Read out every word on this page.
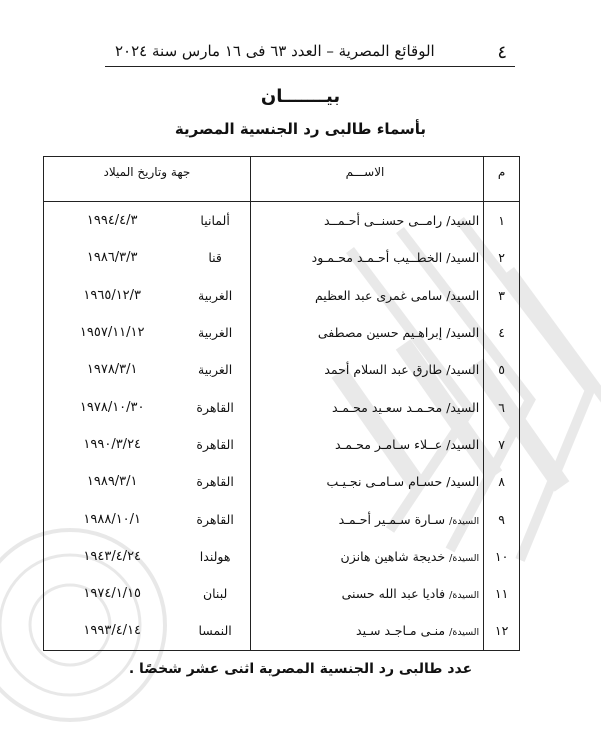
الوقائع المصرية – العدد ٦٣ فى ١٦ مارس سنة ٢٠٢٤	٤
بيـــــــان
بأسماء طالبى رد الجنسية المصرية
م	الاســـم	جهة وتاريخ الميلاد	
١	السيد/رامــى حسنــى أحـمــد	ألمانيا	١٩٩٤/٤/٣
٢	السيد/الخطــيب أحـمـد محـمـود	قنا	١٩٨٦/٣/٣
٣	السيد/سامى غمرى عبد العظيم	الغربية	١٩٦٥/١٢/٣
٤	السيد/إبراهـيم حسين مصطفى	الغربية	١٩٥٧/١١/١٢
٥	السيد/طارق عبد السلام أحمد	الغربية	١٩٧٨/٣/١
٦	السيد/محـمـد سعـيد محـمـد	القاهرة	١٩٧٨/١٠/٣٠
٧	السيد/عــلاء سـامـر محـمـد	القاهرة	١٩٩٠/٣/٢٤
٨	السيد/حسـام سـامـى نجـيـب	القاهرة	١٩٨٩/٣/١
٩	السيدة/سـارة سـمـير أحـمـد	القاهرة	١٩٨٨/١٠/١
١٠	السيدة/خديجة شاهين هانزن	هولندا	١٩٤٣/٤/٢٤
١١	السيدة/فاديا عبد الله حسنى	لبنان	١٩٧٤/١/١٥
١٢	السيدة/منـى مـاجـد سـيد	النمسا	١٩٩٣/٤/١٤
عدد طالبى رد الجنسية المصرية اثنى عشر شخصًا .
